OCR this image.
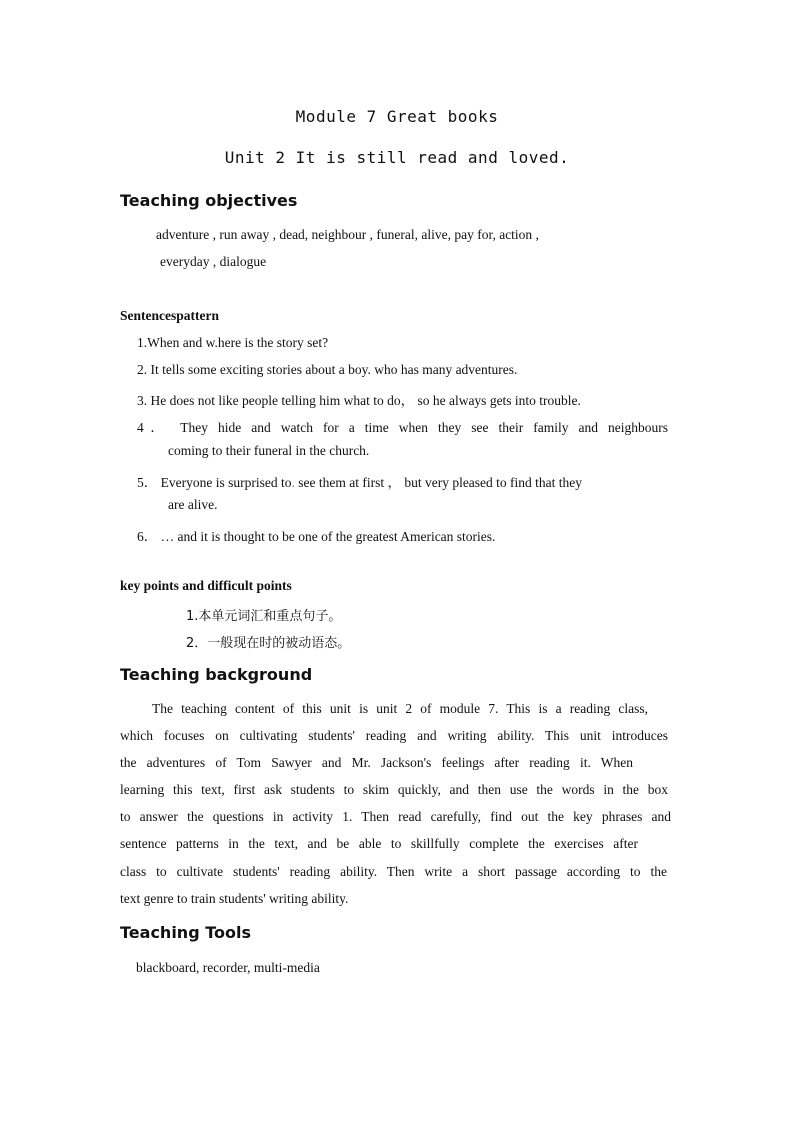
Module 7 Great books
Unit 2 It is still read and loved.
Teaching objectives
adventure , run away , dead, neighbour , funeral, alive, pay for, action ,
everyday , dialogue
Sentencespattern
1.When and w.here is the story set?
2. It tells some exciting stories about a boy. who has many adventures.
3. He does not like people telling him what to do， so he always gets into trouble.
4． They hide and watch for a time when they see their family and neighbours
coming to their funeral in the church.
5． Everyone is surprised to. see them at first ， but very pleased to find that they
are alive.
6． … and it is thought to be one of the greatest American stories.
key points and difficult points
1.本单元词汇和重点句子。
2．一般现在时的被动语态。
Teaching background
The teaching content of this unit is unit 2 of module 7. This is a reading class,
which focuses on cultivating students' reading and writing ability. This unit introduces
the adventures of Tom Sawyer and Mr. Jackson's feelings after reading it. When
learning this text, first ask students to skim quickly, and then use the words in the box
to answer the questions in activity 1. Then read carefully, find out the key phrases and
sentence patterns in the text, and be able to skillfully complete the exercises after
class to cultivate students' reading ability. Then write a short passage according to the
text genre to train students' writing ability.
Teaching Tools
blackboard, recorder, multi-media
